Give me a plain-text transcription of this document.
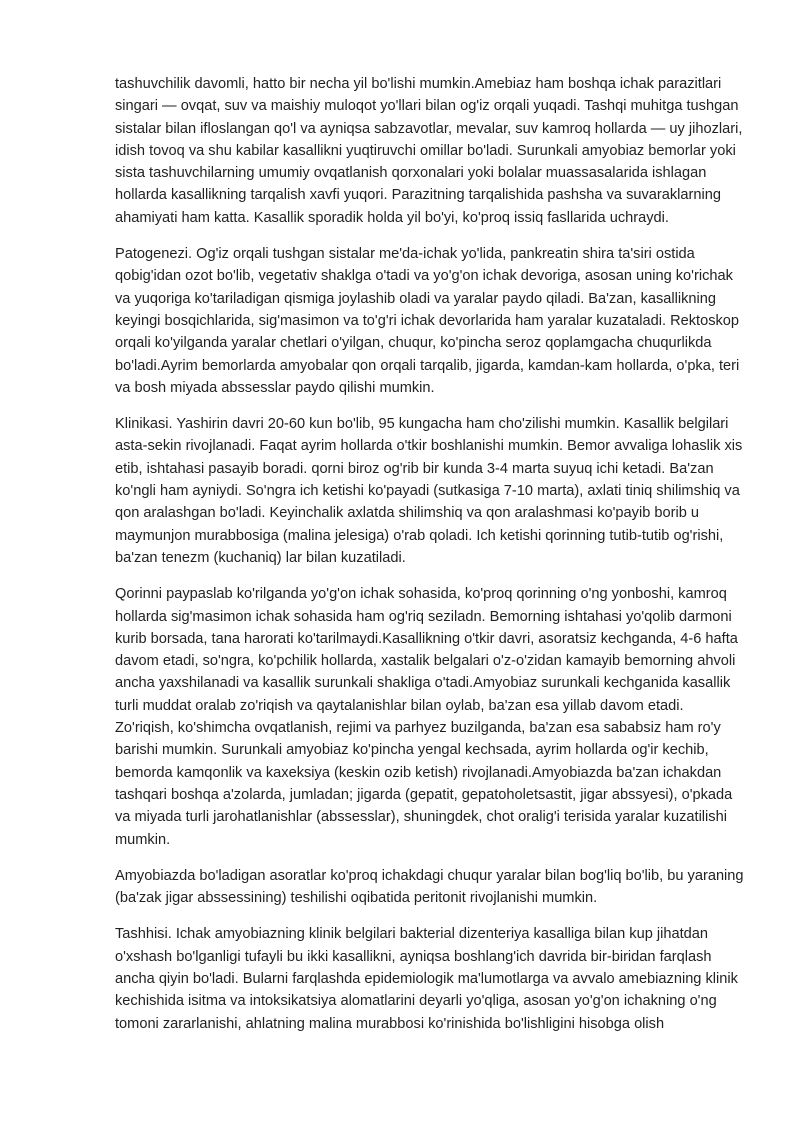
tashuvchilik davomli, hatto bir necha yil bo'lishi mumkin.Amebiaz ham boshqa ichak parazitlari singari — ovqat, suv va maishiy muloqot yo'llari bilan og'iz orqali yuqadi. Tashqi muhitga tushgan sistalar bilan ifloslangan qo'l va ayniqsa sabzavotlar, mevalar, suv kamroq hollarda — uy jihozlari, idish tovoq va shu kabilar kasallikni yuqtiruvchi omillar bo'ladi. Surunkali amyobiaz bemorlar yoki sista tashuvchilarning umumiy ovqatlanish qorxonalari yoki bolalar muassasalarida ishlagan hollarda kasallikning tarqalish xavfi yuqori. Parazitning tarqalishida pashsha va suvaraklarning ahamiyati ham katta. Kasallik sporadik holda yil bo'yi, ko'proq issiq fasllarida uchraydi.

Patogenezi. Og'iz orqali tushgan sistalar me'da-ichak yo'lida, pankreatin shira ta'siri ostida qobig'idan ozot bo'lib, vegetativ shaklga o'tadi va yo'g'on ichak devoriga, asosan uning ko'richak va yuqoriga ko'tariladigan qismiga joylashib oladi va yaralar paydo qiladi. Ba'zan, kasallikning keyingi bosqichlarida, sig'masimon va to'g'ri ichak devorlarida ham yaralar kuzataladi. Rektoskop orqali ko'yilganda yaralar chetlari o'yilgan, chuqur, ko'pincha seroz qoplamgacha chuqurlikda bo'ladi.Ayrim bemorlarda amyobalar qon orqali tarqalib, jigarda, kamdan-kam hollarda, o'pka, teri va bosh miyada abssesslar paydo qilishi mumkin.

Klinikasi. Yashirin davri 20-60 kun bo'lib, 95 kungacha ham cho'zilishi mumkin. Kasallik belgilari asta-sekin rivojlanadi. Faqat ayrim hollarda o'tkir boshlanishi mumkin. Bemor avvaliga lohaslik xis etib, ishtahasi pasayib boradi. qorni biroz og'rib bir kunda 3-4 marta suyuq ichi ketadi. Ba'zan ko'ngli ham ayniydi. So'ngra ich ketishi ko'payadi (sutkasiga 7-10 marta), axlati tiniq shilimshiq va qon aralashgan bo'ladi. Keyinchalik axlatda shilimshiq va qon aralashmasi ko'payib borib u maymunjon murabbosiga (malina jelesiga) o'rab qoladi. Ich ketishi qorinning tutib-tutib og'rishi, ba'zan tenezm (kuchaniq) lar bilan kuzatiladi.

Qorinni paypaslab ko'rilganda yo'g'on ichak sohasida, ko'proq qorinning o'ng yonboshi, kamroq hollarda sig'masimon ichak sohasida ham og'riq seziladn. Bemorning ishtahasi yo'qolib darmoni kurib borsada, tana harorati ko'tarilmaydi.Kasallikning o'tkir davri, asoratsiz kechganda, 4-6 hafta davom etadi, so'ngra, ko'pchilik hollarda, xastalik belgalari o'z-o'zidan kamayib bemorning ahvoli ancha yaxshilanadi va kasallik surunkali shakliga o'tadi.Amyobiaz surunkali kechganida kasallik turli muddat oralab zo'riqish va qaytalanishlar bilan oylab, ba'zan esa yillab davom etadi. Zo'riqish, ko'shimcha ovqatlanish, rejimi va parhyez buzilganda, ba'zan esa sababsiz ham ro'y barishi mumkin. Surunkali amyobiaz ko'pincha yengal kechsada, ayrim hollarda og'ir kechib, bemorda kamqonlik va kaxeksiya (keskin ozib ketish) rivojlanadi.Amyobiazda ba'zan ichakdan tashqari boshqa a'zolarda, jumladan; jigarda (gepatit, gepatoholetsastit, jigar abssyesi), o'pkada va miyada turli jarohatlanishlar (abssesslar), shuningdek, chot oralig'i terisida yaralar kuzatilishi mumkin.

Amyobiazda bo'ladigan asoratlar ko'proq ichakdagi chuqur yaralar bilan bog'liq bo'lib, bu yaraning (ba'zak jigar abssessining) teshilishi oqibatida peritonit rivojlanishi mumkin.

Tashhisi. Ichak amyobiazning klinik belgilari bakterial dizenteriya kasalliga bilan kup jihatdan o'xshash bo'lganligi tufayli bu ikki kasallikni, ayniqsa boshlang'ich davrida bir-biridan farqlash ancha qiyin bo'ladi. Bularni farqlashda epidemiologik ma'lumotlarga va avvalo amebiazning klinik kechishida isitma va intoksikatsiya alomatlarini deyarli yo'qliga, asosan yo'g'on ichakning o'ng tomoni zararlanishi, ahlatning malina murabbosi ko'rinishida bo'lishligini hisobga olish
